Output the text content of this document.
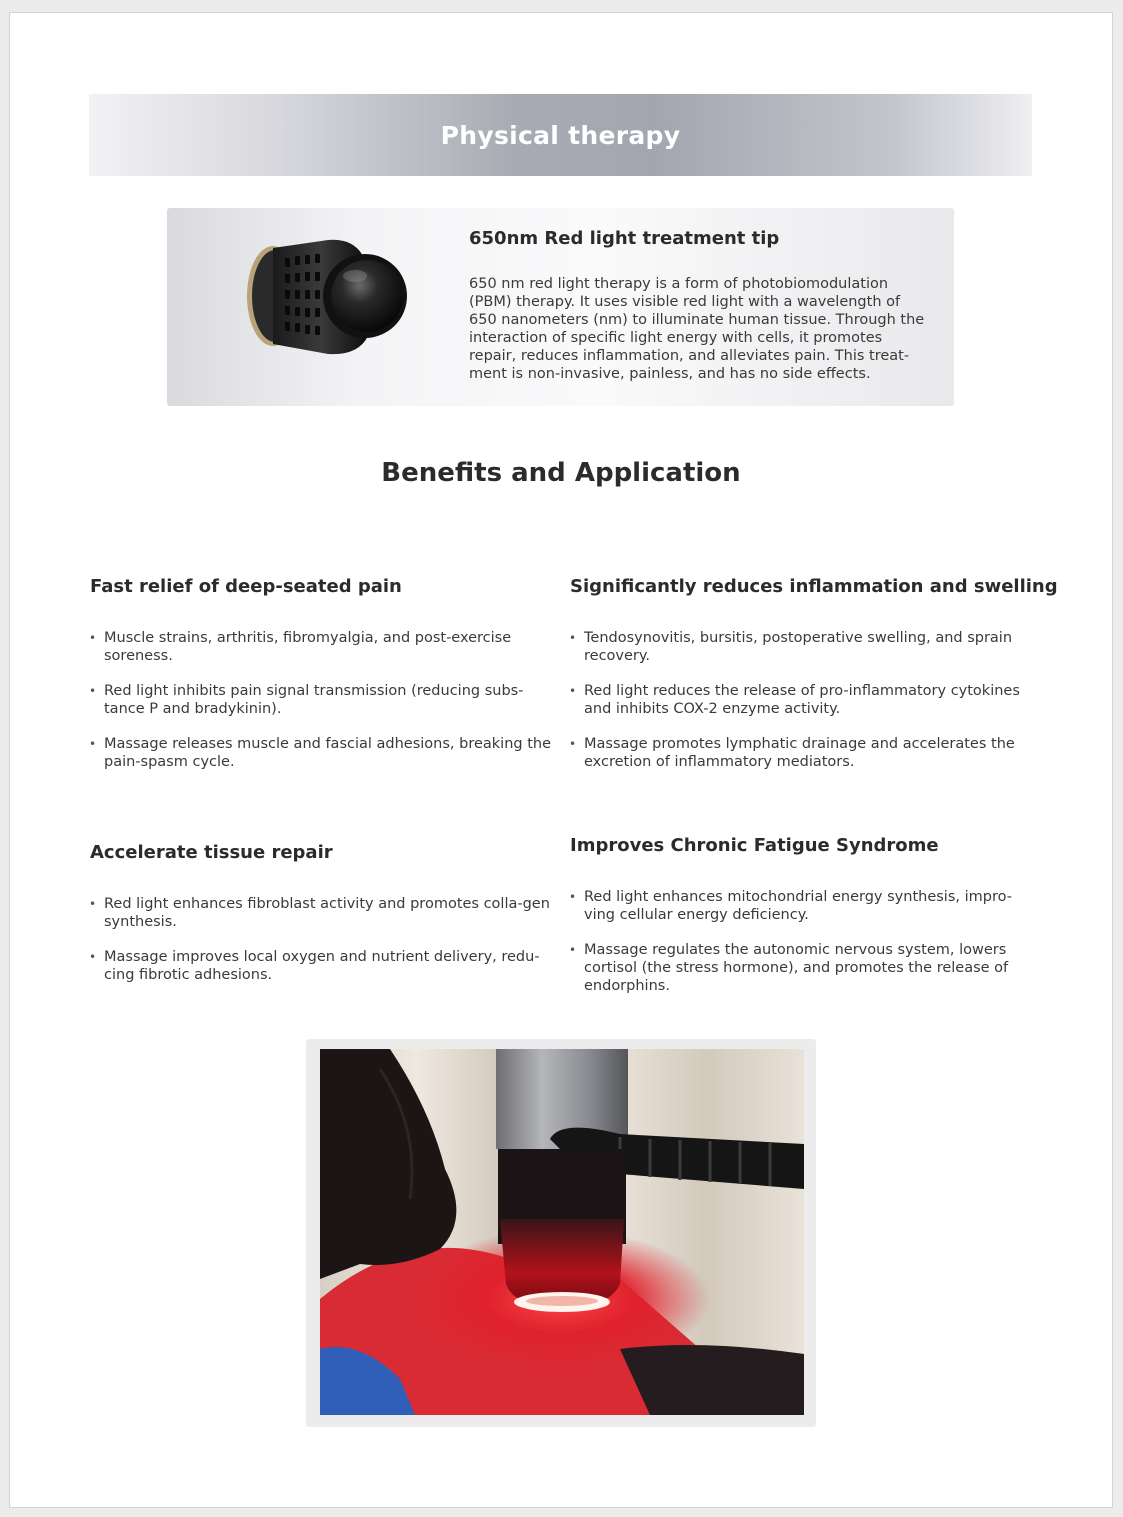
Physical therapy
650nm Red light treatment tip

650 nm red light therapy is a form of photobiomodulation (PBM) therapy. It uses visible red light with a wavelength of 650 nanometers (nm) to illuminate human tissue. Through the interaction of specific light energy with cells, it promotes repair, reduces inflammation, and alleviates pain. This treat-ment is non-invasive, painless, and has no side effects.

Benefits and Application
Fast relief of deep-seated pain
• Muscle strains, arthritis, fibromyalgia, and post-exercise soreness.
• Red light inhibits pain signal transmission (reducing subs-tance P and bradykinin).
• Massage releases muscle and fascial adhesions, breaking the pain-spasm cycle.
Significantly reduces inflammation and swelling
• Tendosynovitis, bursitis, postoperative swelling, and sprain recovery.
• Red light reduces the release of pro-inflammatory cytokines and inhibits COX-2 enzyme activity.
• Massage promotes lymphatic drainage and accelerates the excretion of inflammatory mediators.
Accelerate tissue repair
• Red light enhances fibroblast activity and promotes colla-gen synthesis.
• Massage improves local oxygen and nutrient delivery, redu-cing fibrotic adhesions.
Improves Chronic Fatigue Syndrome
• Red light enhances mitochondrial energy synthesis, impro-ving cellular energy deficiency.
• Massage regulates the autonomic nervous system, lowers cortisol (the stress hormone), and promotes the release of endorphins.
